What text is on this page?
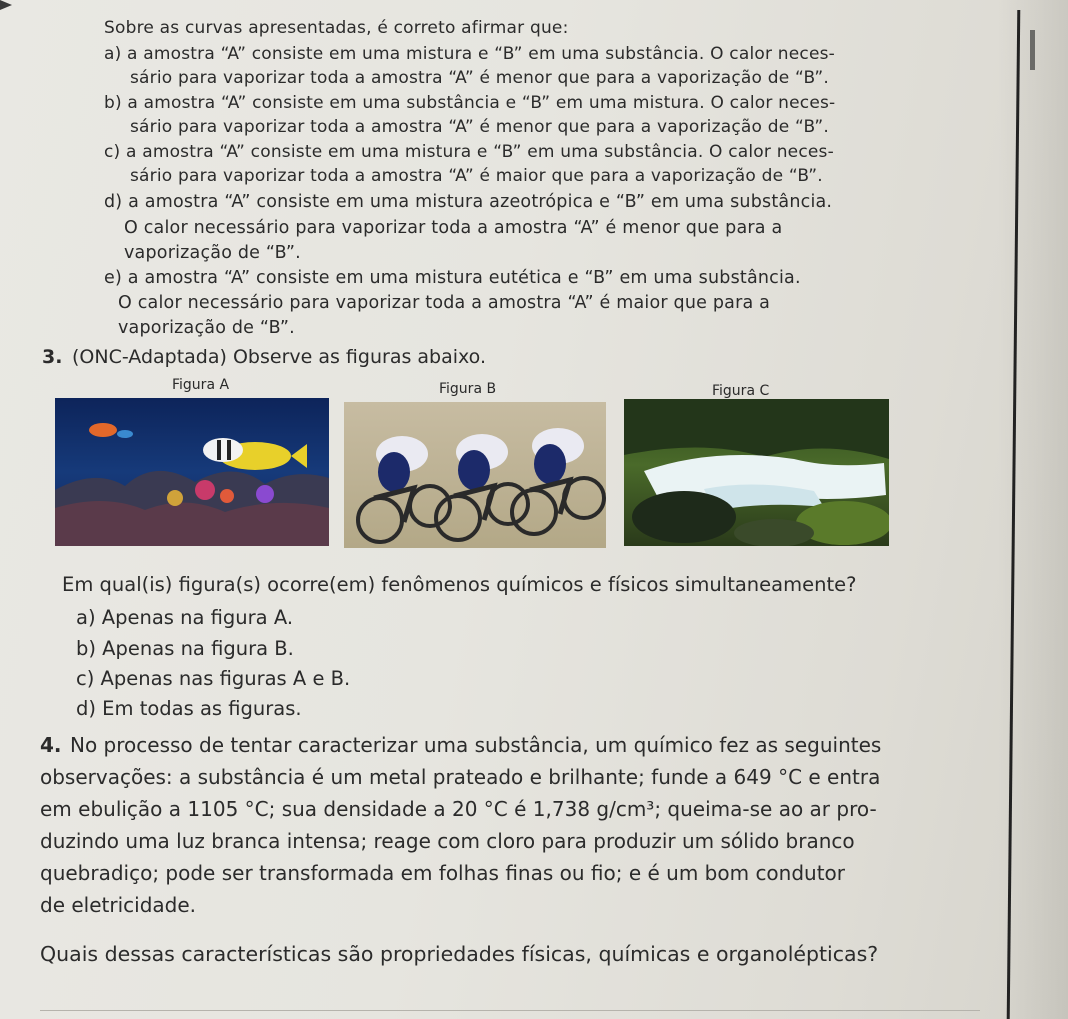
Sobre as curvas apresentadas, é correto afirmar que:
a) a amostra “A” consiste em uma mistura e “B” em uma substância. O calor neces-
sário para vaporizar toda a amostra “A” é menor que para a vaporização de “B”.
b) a amostra “A” consiste em uma substância e “B” em uma mistura. O calor neces-
sário para vaporizar toda a amostra “A” é menor que para a vaporização de “B”.
c) a amostra “A” consiste em uma mistura e “B” em uma substância. O calor neces-
sário para vaporizar toda a amostra “A” é maior que para a vaporização de “B”.
d) a amostra “A” consiste em uma mistura azeotrópica e “B” em uma substância.
O calor necessário para vaporizar toda a amostra “A” é menor que para a
vaporização de “B”.
e) a amostra “A” consiste em uma mistura eutética e “B” em uma substância.
O calor necessário para vaporizar toda a amostra “A” é maior que para a
vaporização de “B”.
3. (ONC-Adaptada) Observe as figuras abaixo.
Figura A	Figura B	Figura C
Em qual(is) figura(s) ocorre(em) fenômenos químicos e físicos simultaneamente?
a) Apenas na figura A.
b) Apenas na figura B.
c) Apenas nas figuras A e B.
d) Em todas as figuras.
4. No processo de tentar caracterizar uma substância, um químico fez as seguintes
observações: a substância é um metal prateado e brilhante; funde a 649 °C e entra
em ebulição a 1105 °C; sua densidade a 20 °C é 1,738 g/cm³; queima-se ao ar pro-
duzindo uma luz branca intensa; reage com cloro para produzir um sólido branco
quebradiço; pode ser transformada em folhas finas ou fio; e é um bom condutor
de eletricidade.
Quais dessas características são propriedades físicas, químicas e organolépticas?
